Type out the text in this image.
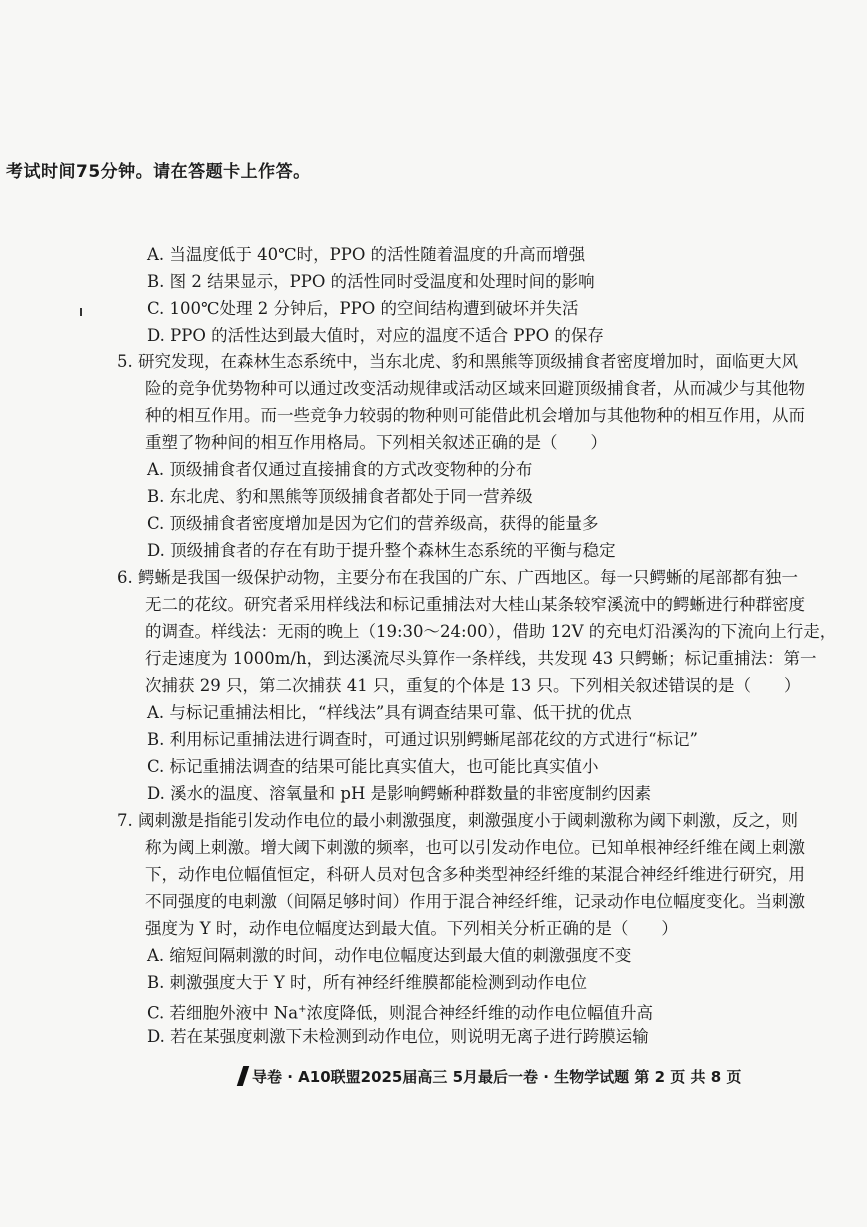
考试时间75分钟。请在答题卡上作答。
A. 当温度低于 40℃时，PPO 的活性随着温度的升高而增强
B. 图 2 结果显示，PPO 的活性同时受温度和处理时间的影响
C. 100℃处理 2 分钟后，PPO 的空间结构遭到破坏并失活
D. PPO 的活性达到最大值时，对应的温度不适合 PPO 的保存
5. 研究发现，在森林生态系统中，当东北虎、豹和黑熊等顶级捕食者密度增加时，面临更大风
险的竞争优势物种可以通过改变活动规律或活动区域来回避顶级捕食者，从而减少与其他物
种的相互作用。而一些竞争力较弱的物种则可能借此机会增加与其他物种的相互作用，从而
重塑了物种间的相互作用格局。下列相关叙述正确的是（　　）
A. 顶级捕食者仅通过直接捕食的方式改变物种的分布
B. 东北虎、豹和黑熊等顶级捕食者都处于同一营养级
C. 顶级捕食者密度增加是因为它们的营养级高，获得的能量多
D. 顶级捕食者的存在有助于提升整个森林生态系统的平衡与稳定
6. 鳄蜥是我国一级保护动物，主要分布在我国的广东、广西地区。每一只鳄蜥的尾部都有独一
无二的花纹。研究者采用样线法和标记重捕法对大桂山某条较窄溪流中的鳄蜥进行种群密度
的调查。样线法：无雨的晚上（19:30～24:00），借助 12V 的充电灯沿溪沟的下流向上行走，
行走速度为 1000m/h，到达溪流尽头算作一条样线，共发现 43 只鳄蜥；标记重捕法：第一
次捕获 29 只，第二次捕获 41 只，重复的个体是 13 只。下列相关叙述错误的是（　　）
A. 与标记重捕法相比，“样线法”具有调查结果可靠、低干扰的优点
B. 利用标记重捕法进行调查时，可通过识别鳄蜥尾部花纹的方式进行“标记”
C. 标记重捕法调查的结果可能比真实值大，也可能比真实值小
D. 溪水的温度、溶氧量和 pH 是影响鳄蜥种群数量的非密度制约因素
7. 阈刺激是指能引发动作电位的最小刺激强度，刺激强度小于阈刺激称为阈下刺激，反之，则
称为阈上刺激。增大阈下刺激的频率，也可以引发动作电位。已知单根神经纤维在阈上刺激
下，动作电位幅值恒定，科研人员对包含多种类型神经纤维的某混合神经纤维进行研究，用
不同强度的电刺激（间隔足够时间）作用于混合神经纤维，记录动作电位幅度变化。当刺激
强度为 Y 时，动作电位幅度达到最大值。下列相关分析正确的是（　　）
A. 缩短间隔刺激的时间，动作电位幅度达到最大值的刺激强度不变
B. 刺激强度大于 Y 时，所有神经纤维膜都能检测到动作电位
C. 若细胞外液中 Na+浓度降低，则混合神经纤维的动作电位幅值升高
D. 若在某强度刺激下未检测到动作电位，则说明无离子进行跨膜运输
导卷 · A10联盟2025届高三 5月最后一卷 · 生物学试题 第 2 页 共 8 页
